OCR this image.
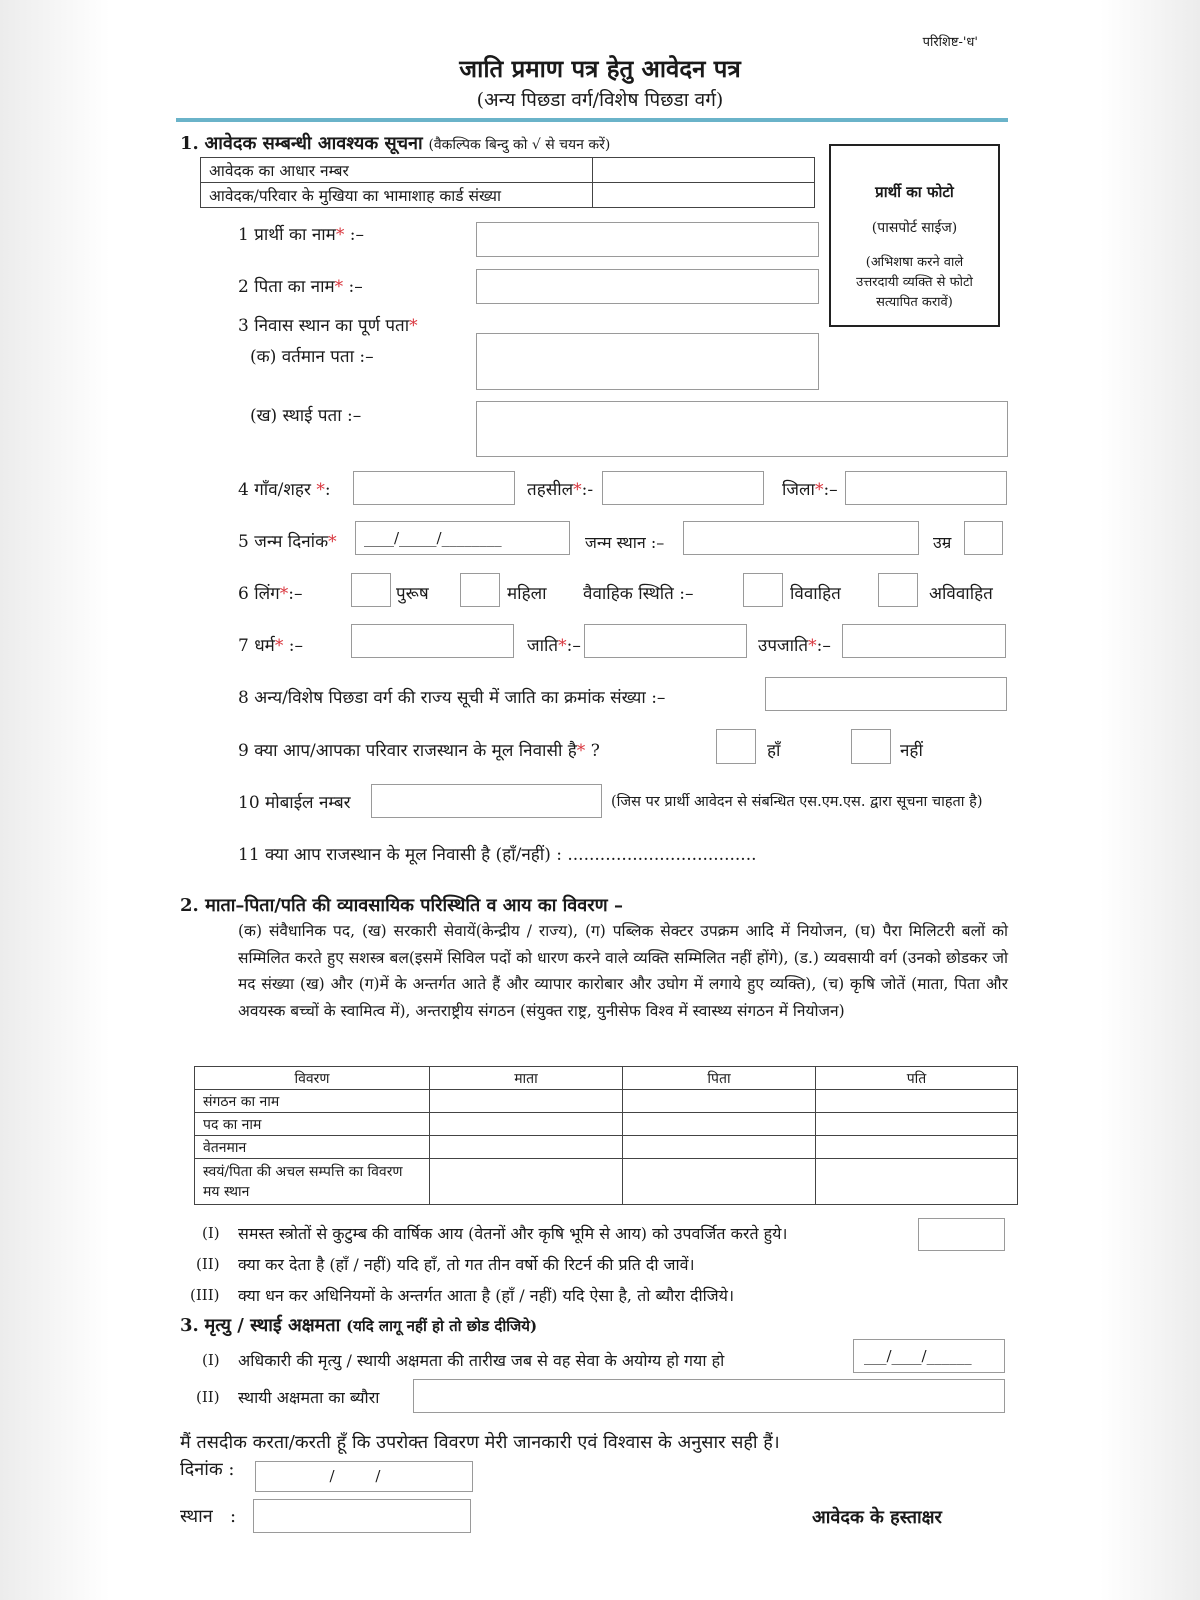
परिशिष्ट-'ध'
जाति प्रमाण पत्र हेतु आवेदन पत्र
(अन्य पिछडा वर्ग/विशेष पिछडा वर्ग)
1. आवेदक सम्बन्धी आवश्यक सूचना (वैकल्पिक बिन्दु को √ से चयन करें)
आवेदक का आधार नम्बर	
आवेदक/परिवार के मुखिया का भामाशाह कार्ड संख्या		प्रार्थी का फोटो
(पासपोर्ट साईज)
(अभिशषा करने वाले
उत्तरदायी व्यक्ति से फोटो
सत्यापित करावें)
1 प्रार्थी का नाम* :–
2 पिता का नाम* :–
3 निवास स्थान का पूर्ण पता*
(क) वर्तमान पता :–
(ख) स्थाई पता :–
4 गाँव/शहर *:	तहसील*:-	जिला*:–
5 जन्म दिनांक*	____/_____/________	जन्म स्थान :–	उम्र
6 लिंग*:–	पुरूष	महिला वैवाहिक स्थिति :–	विवाहित	अविवाहित
7 धर्म* :–	जाति*:–	उपजाति*:–
8 अन्य/विशेष पिछडा वर्ग की राज्य सूची में जाति का क्रमांक संख्या :–
9 क्या आप/आपका परिवार राजस्थान के मूल निवासी है* ?	हाँ	नहीं
10 मोबाईल नम्बर	(जिस पर प्रार्थी आवेदन से संबन्धित एस.एम.एस. द्वारा सूचना चाहता है)
11 क्या आप राजस्थान के मूल निवासी है (हाँ/नहीं) : ...................................
2. माता–पिता/पति की व्यावसायिक परिस्थिति व आय का विवरण –
(क) संवैधानिक पद, (ख) सरकारी सेवायें(केन्द्रीय / राज्य), (ग) पब्लिक सेक्टर उपक्रम आदि में नियोजन, (घ) पैरा मिलिटरी बलों को सम्मिलित करते हुए सशस्त्र बल(इसमें सिविल पदों को धारण करने वाले व्यक्ति सम्मिलित नहीं होंगे), (ड.) व्यवसायी वर्ग (उनको छोडकर जो मद संख्या (ख) और (ग)में के अन्तर्गत आते हैं और व्यापार कारोबार और उघोग में लगाये हुए व्यक्ति), (च) कृषि जोतें (माता, पिता और अवयस्क बच्चों के स्वामित्व में), अन्तराष्ट्रीय संगठन (संयुक्त राष्ट्र, युनीसेफ विश्व में स्वास्थ्य संगठन में नियोजन)
विवरण	माता	पिता	पति
संगठन का नाम			
पद का नाम			
वेतनमान			
स्वयं/पिता की अचल सम्पत्ति का विवरण मय स्थान			
(I) समस्त स्त्रोतों से कुटुम्ब की वार्षिक आय (वेतनों और कृषि भूमि से आय) को उपवर्जित करते हुये।
(II) क्या कर देता है (हाँ / नहीं) यदि हाँ, तो गत तीन वर्षो की रिटर्न की प्रति दी जावें।
(III) क्या धन कर अधिनियमों के अन्तर्गत आता है (हाँ / नहीं) यदि ऐसा है, तो ब्यौरा दीजिये।
3. मृत्यु / स्थाई अक्षमता (यदि लागू नहीं हो तो छोड दीजिये)
(I) अधिकारी की मृत्यु / स्थायी अक्षमता की तारीख जब से वह सेवा के अयोग्य हो गया हो	___/____/______
(II) स्थायी अक्षमता का ब्यौरा
मैं तसदीक करता/करती हूँ कि उपरोक्त विवरण मेरी जानकारी एवं विश्वास के अनुसार सही हैं।
दिनांक :	/ /
स्थान   :	आवेदक के हस्ताक्षर
